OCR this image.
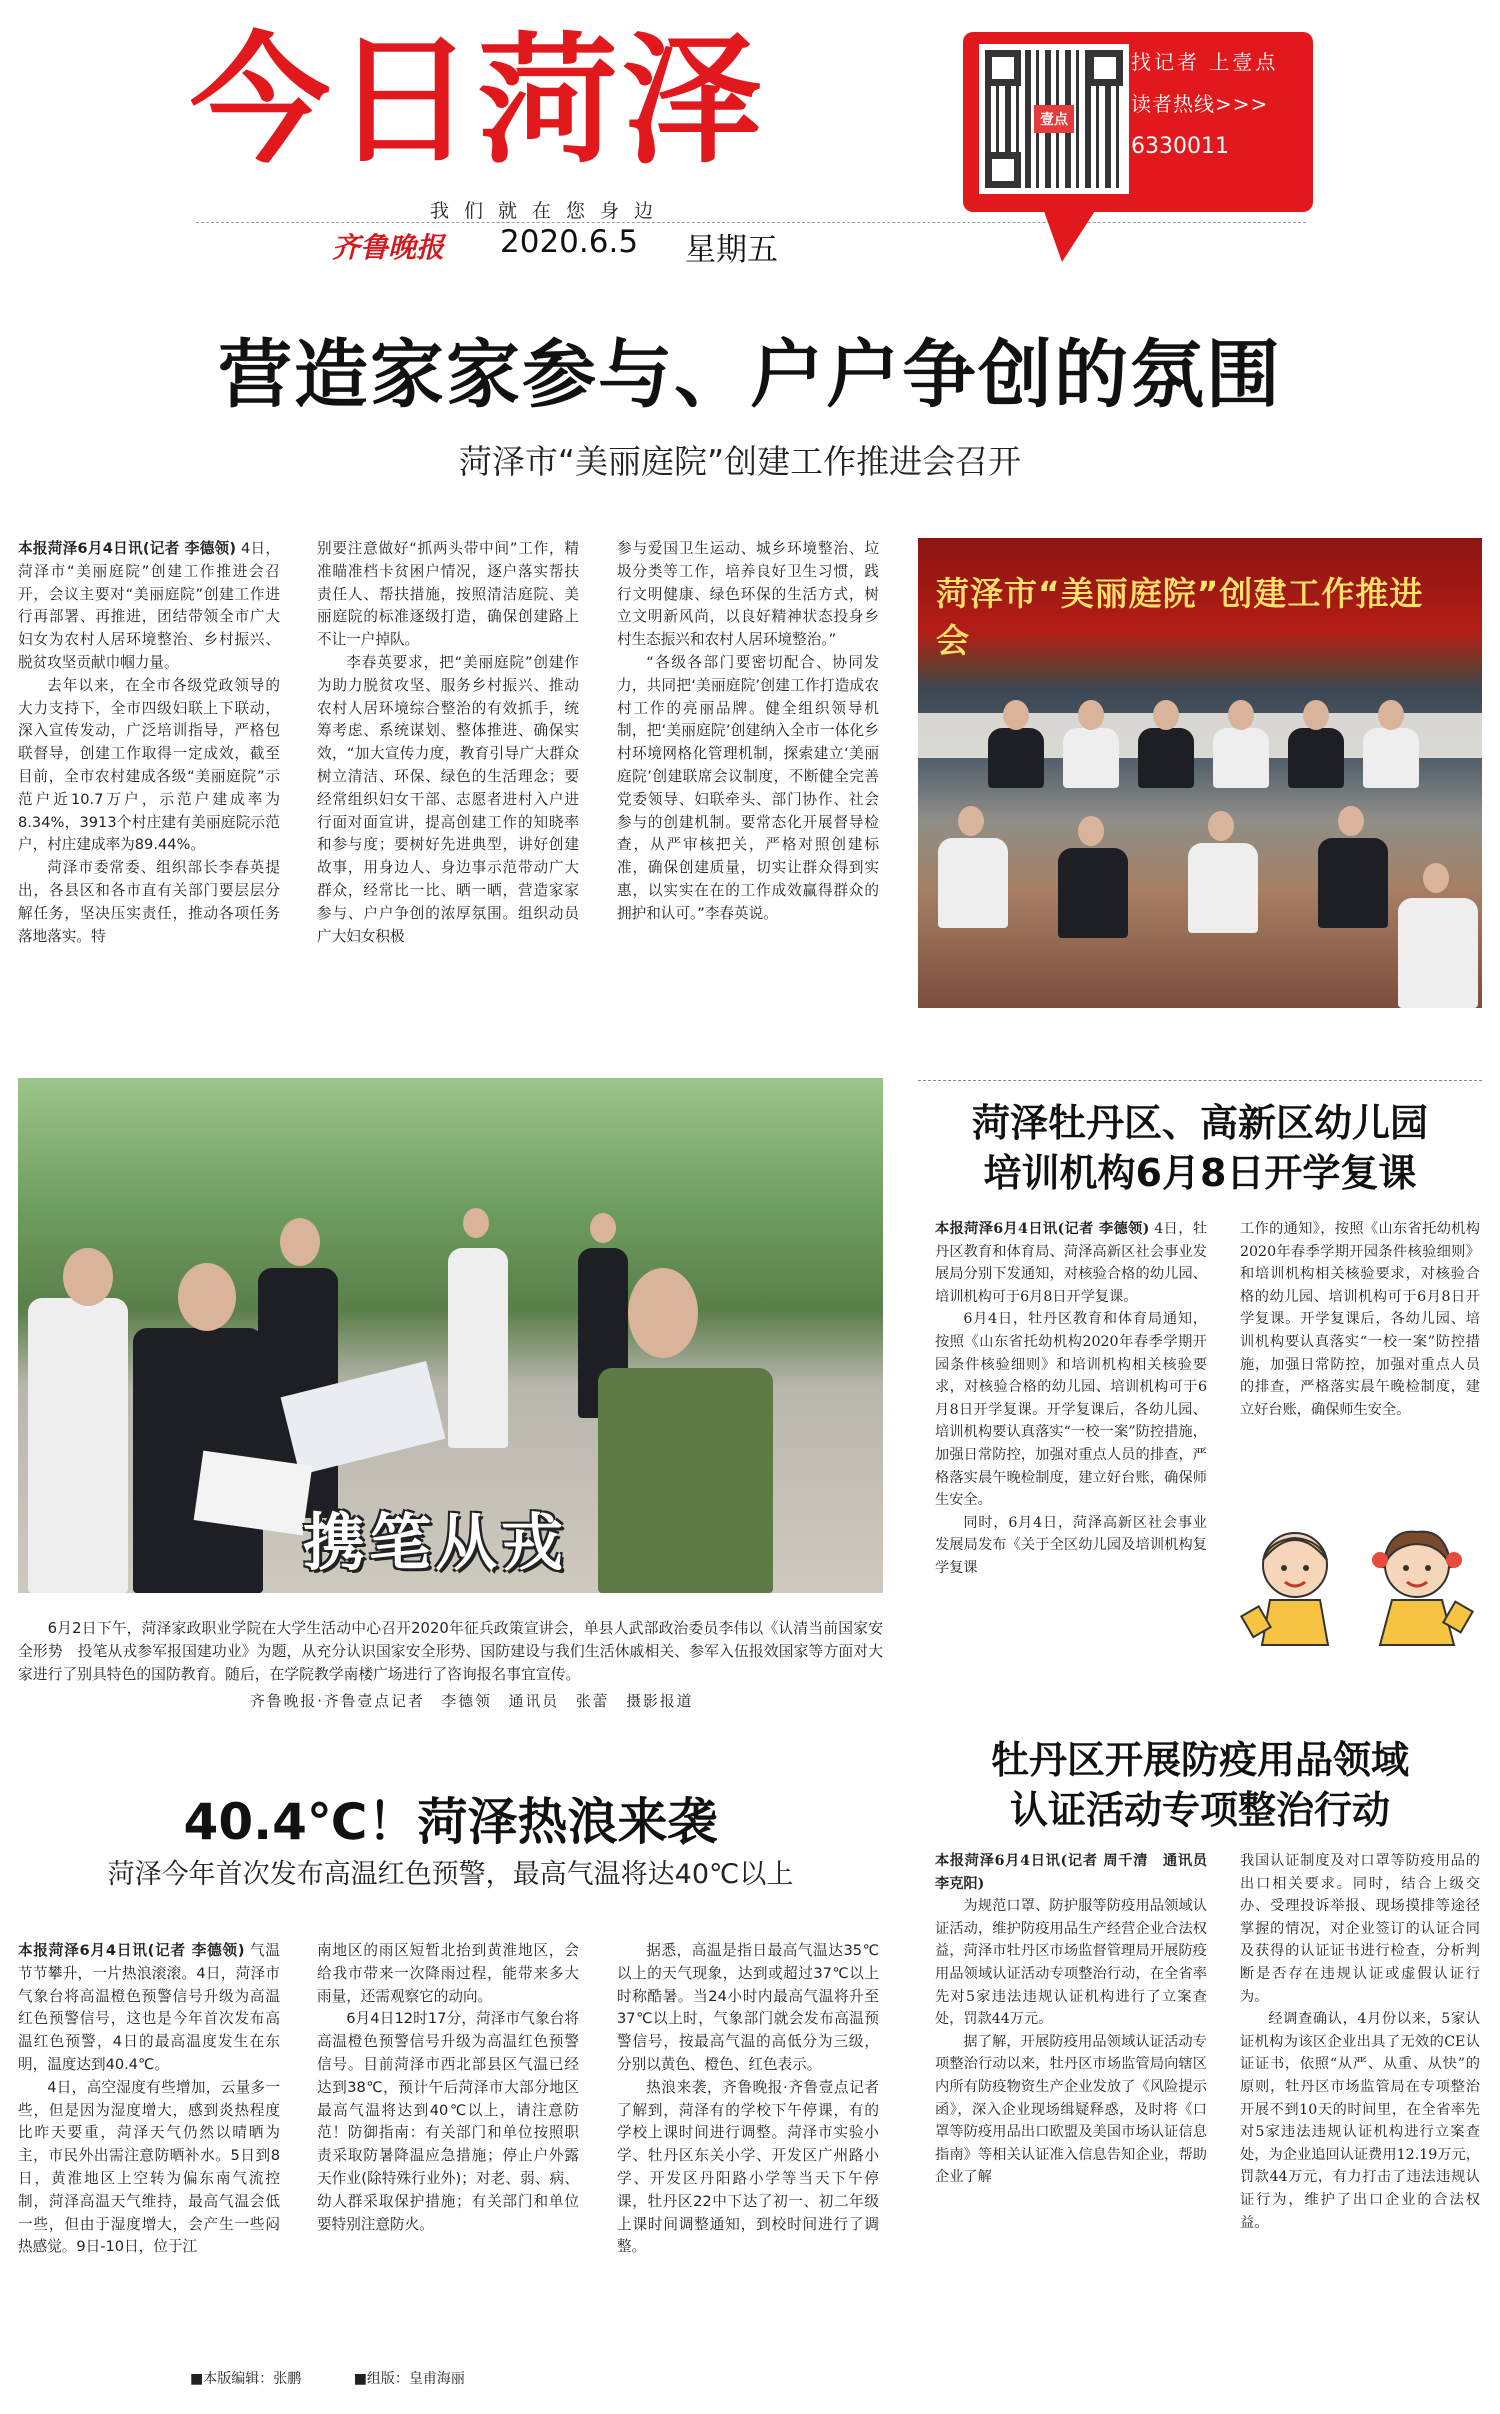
今日菏泽
我们就在您身边
齐鲁晚报 2020.6.5 星期五
壹点
找记者 上壹点
读者热线>>>
6330011
营造家家参与、户户争创的氛围
菏泽市“美丽庭院”创建工作推进会召开

本报菏泽6月4日讯(记者 李德领) 4日，菏泽市“美丽庭院”创建工作推进会召开，会议主要对“美丽庭院”创建工作进行再部署、再推进，团结带领全市广大妇女为农村人居环境整治、乡村振兴、脱贫攻坚贡献巾帼力量。

去年以来，在全市各级党政领导的大力支持下，全市四级妇联上下联动，深入宣传发动，广泛培训指导，严格包联督导，创建工作取得一定成效，截至目前，全市农村建成各级“美丽庭院”示范户近10.7万户，示范户建成率为8.34%，3913个村庄建有美丽庭院示范户，村庄建成率为89.44%。

菏泽市委常委、组织部长李春英提出，各县区和各市直有关部门要层层分解任务，坚决压实责任，推动各项任务落地落实。特

别要注意做好“抓两头带中间”工作，精准瞄准档卡贫困户情况，逐户落实帮扶责任人、帮扶措施，按照清洁庭院、美丽庭院的标准逐级打造，确保创建路上不让一户掉队。

李春英要求，把“美丽庭院”创建作为助力脱贫攻坚、服务乡村振兴、推动农村人居环境综合整治的有效抓手，统筹考虑、系统谋划、整体推进、确保实效，“加大宣传力度，教育引导广大群众树立清洁、环保、绿色的生活理念；要经常组织妇女干部、志愿者进村入户进行面对面宣讲，提高创建工作的知晓率和参与度；要树好先进典型，讲好创建故事，用身边人、身边事示范带动广大群众，经常比一比、晒一晒，营造家家参与、户户争创的浓厚氛围。组织动员广大妇女积极

参与爱国卫生运动、城乡环境整治、垃圾分类等工作，培养良好卫生习惯，践行文明健康、绿色环保的生活方式，树立文明新风尚，以良好精神状态投身乡村生态振兴和农村人居环境整治。”

“各级各部门要密切配合、协同发力，共同把‘美丽庭院’创建工作打造成农村工作的亮丽品牌。健全组织领导机制，把‘美丽庭院’创建纳入全市一体化乡村环境网格化管理机制，探索建立‘美丽庭院’创建联席会议制度，不断健全完善党委领导、妇联牵头、部门协作、社会参与的创建机制。要常态化开展督导检查，从严审核把关，严格对照创建标准，确保创建质量，切实让群众得到实惠，以实实在在的工作成效赢得群众的拥护和认可。”李春英说。

菏泽市“美丽庭院”创建工作推进会
携笔从戎
6月2日下午，菏泽家政职业学院在大学生活动中心召开2020年征兵政策宣讲会，单县人武部政治委员李伟以《认清当前国家安全形势　投笔从戎参军报国建功业》为题，从充分认识国家安全形势、国防建设与我们生活休戚相关、参军入伍报效国家等方面对大家进行了别具特色的国防教育。随后，在学院教学南楼广场进行了咨询报名事宜宣传。
齐鲁晚报·齐鲁壹点记者　李德领　通讯员　张蕾　摄影报道
菏泽牡丹区、高新区幼儿园
培训机构6月8日开学复课

本报菏泽6月4日讯(记者 李德领) 4日，牡丹区教育和体育局、菏泽高新区社会事业发展局分别下发通知，对核验合格的幼儿园、培训机构可于6月8日开学复课。

6月4日，牡丹区教育和体育局通知，按照《山东省托幼机构2020年春季学期开园条件核验细则》和培训机构相关核验要求，对核验合格的幼儿园、培训机构可于6月8日开学复课。开学复课后，各幼儿园、培训机构要认真落实“一校一案”防控措施，加强日常防控，加强对重点人员的排查，严格落实晨午晚检制度，建立好台账，确保师生安全。

同时，6月4日，菏泽高新区社会事业发展局发布《关于全区幼儿园及培训机构复学复课

工作的通知》，按照《山东省托幼机构2020年春季学期开园条件核验细则》和培训机构相关核验要求，对核验合格的幼儿园、培训机构可于6月8日开学复课。开学复课后，各幼儿园、培训机构要认真落实“一校一案”防控措施，加强日常防控，加强对重点人员的排查，严格落实晨午晚检制度，建立好台账，确保师生安全。

牡丹区开展防疫用品领域
认证活动专项整治行动

本报菏泽6月4日讯(记者 周千清　通讯员　李克阳)

为规范口罩、防护服等防疫用品领域认证活动，维护防疫用品生产经营企业合法权益，菏泽市牡丹区市场监督管理局开展防疫用品领域认证活动专项整治行动，在全省率先对5家违法违规认证机构进行了立案查处，罚款44万元。

据了解，开展防疫用品领域认证活动专项整治行动以来，牡丹区市场监管局向辖区内所有防疫物资生产企业发放了《风险提示函》，深入企业现场缉疑释惑，及时将《口罩等防疫用品出口欧盟及美国市场认证信息指南》等相关认证准入信息告知企业，帮助企业了解

我国认证制度及对口罩等防疫用品的出口相关要求。同时，结合上级交办、受理投诉举报、现场摸排等途径掌握的情况，对企业签订的认证合同及获得的认证证书进行检查，分析判断是否存在违规认证或虚假认证行为。

经调查确认，4月份以来，5家认证机构为该区企业出具了无效的CE认证证书，依照“从严、从重、从快”的原则，牡丹区市场监管局在专项整治开展不到10天的时间里，在全省率先对5家违法违规认证机构进行立案查处，为企业追回认证费用12.19万元，罚款44万元，有力打击了违法违规认证行为，维护了出口企业的合法权益。

40.4℃！菏泽热浪来袭
菏泽今年首次发布高温红色预警，最高气温将达40℃以上

本报菏泽6月4日讯(记者 李德领) 气温节节攀升，一片热浪滚滚。4日，菏泽市气象台将高温橙色预警信号升级为高温红色预警信号，这也是今年首次发布高温红色预警，4日的最高温度发生在东明，温度达到40.4℃。

4日，高空湿度有些增加，云量多一些，但是因为湿度增大，感到炎热程度比昨天要重，菏泽天气仍然以晴晒为主，市民外出需注意防晒补水。5日到8日，黄淮地区上空转为偏东南气流控制，菏泽高温天气维持，最高气温会低一些，但由于湿度增大，会产生一些闷热感觉。9日-10日，位于江

南地区的雨区短暂北抬到黄淮地区，会给我市带来一次降雨过程，能带来多大雨量，还需观察它的动向。

6月4日12时17分，菏泽市气象台将高温橙色预警信号升级为高温红色预警信号。目前菏泽市西北部县区气温已经达到38℃，预计午后菏泽市大部分地区最高气温将达到40℃以上，请注意防范！防御指南：有关部门和单位按照职责采取防暑降温应急措施；停止户外露天作业(除特殊行业外)；对老、弱、病、幼人群采取保护措施；有关部门和单位要特别注意防火。

据悉，高温是指日最高气温达35℃以上的天气现象，达到或超过37℃以上时称酷暑。当24小时内最高气温将升至37℃以上时，气象部门就会发布高温预警信号，按最高气温的高低分为三级，分别以黄色、橙色、红色表示。

热浪来袭，齐鲁晚报·齐鲁壹点记者了解到，菏泽有的学校下午停课，有的学校上课时间进行调整。菏泽市实验小学、牡丹区东关小学、开发区广州路小学、开发区丹阳路小学等当天下午停课，牡丹区22中下达了初一、初二年级上课时间调整通知，到校时间进行了调整。

■本版编辑：张鹏	■组版：皇甫海丽
